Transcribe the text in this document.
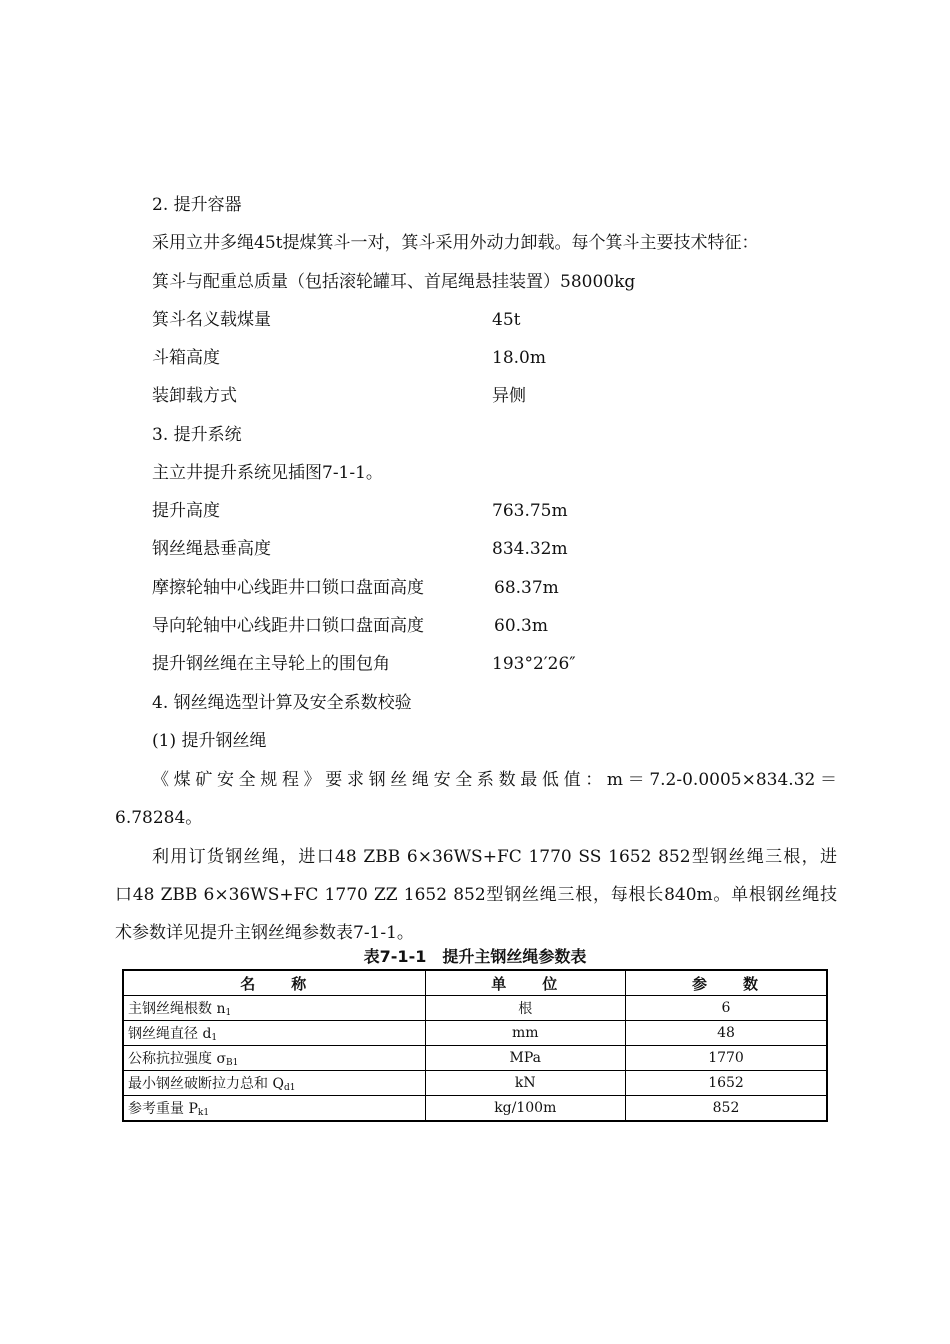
2. 提升容器
采用立井多绳45t提煤箕斗一对，箕斗采用外动力卸载。每个箕斗主要技术特征：
箕斗与配重总质量（包括滚轮罐耳、首尾绳悬挂装置）58000kg
箕斗名义载煤量	45t
斗箱高度	18.0m
装卸载方式	异侧
3. 提升系统
主立井提升系统见插图7-1-1。
提升高度	763.75m
钢丝绳悬垂高度	834.32m
摩擦轮轴中心线距井口锁口盘面高度	68.37m
导向轮轴中心线距井口锁口盘面高度	60.3m
提升钢丝绳在主导轮上的围包角	193°2′26″
4. 钢丝绳选型计算及安全系数校验
(1) 提升钢丝绳
《煤矿安全规程》要求钢丝绳安全系数最低值：m＝7.2-0.0005×834.32＝
6.78284。
利用订货钢丝绳，进口48 ZBB 6×36WS+FC 1770 SS 1652 852型钢丝绳三根，进
口48 ZBB 6×36WS+FC 1770 ZZ 1652 852型钢丝绳三根，每根长840m。单根钢丝绳技
术参数详见提升主钢丝绳参数表7-1-1。
表7-1-1　提升主钢丝绳参数表
名　　称	单　　位	参　　数
主钢丝绳根数 $n_1$	根	6
钢丝绳直径 $d_1$	mm	48
公称抗拉强度 $\sigma_{B1}$	MPa	1770
最小钢丝破断拉力总和 $Q_{d1}$	kN	1652
参考重量 $P_{k1}$	kg/100m	852
